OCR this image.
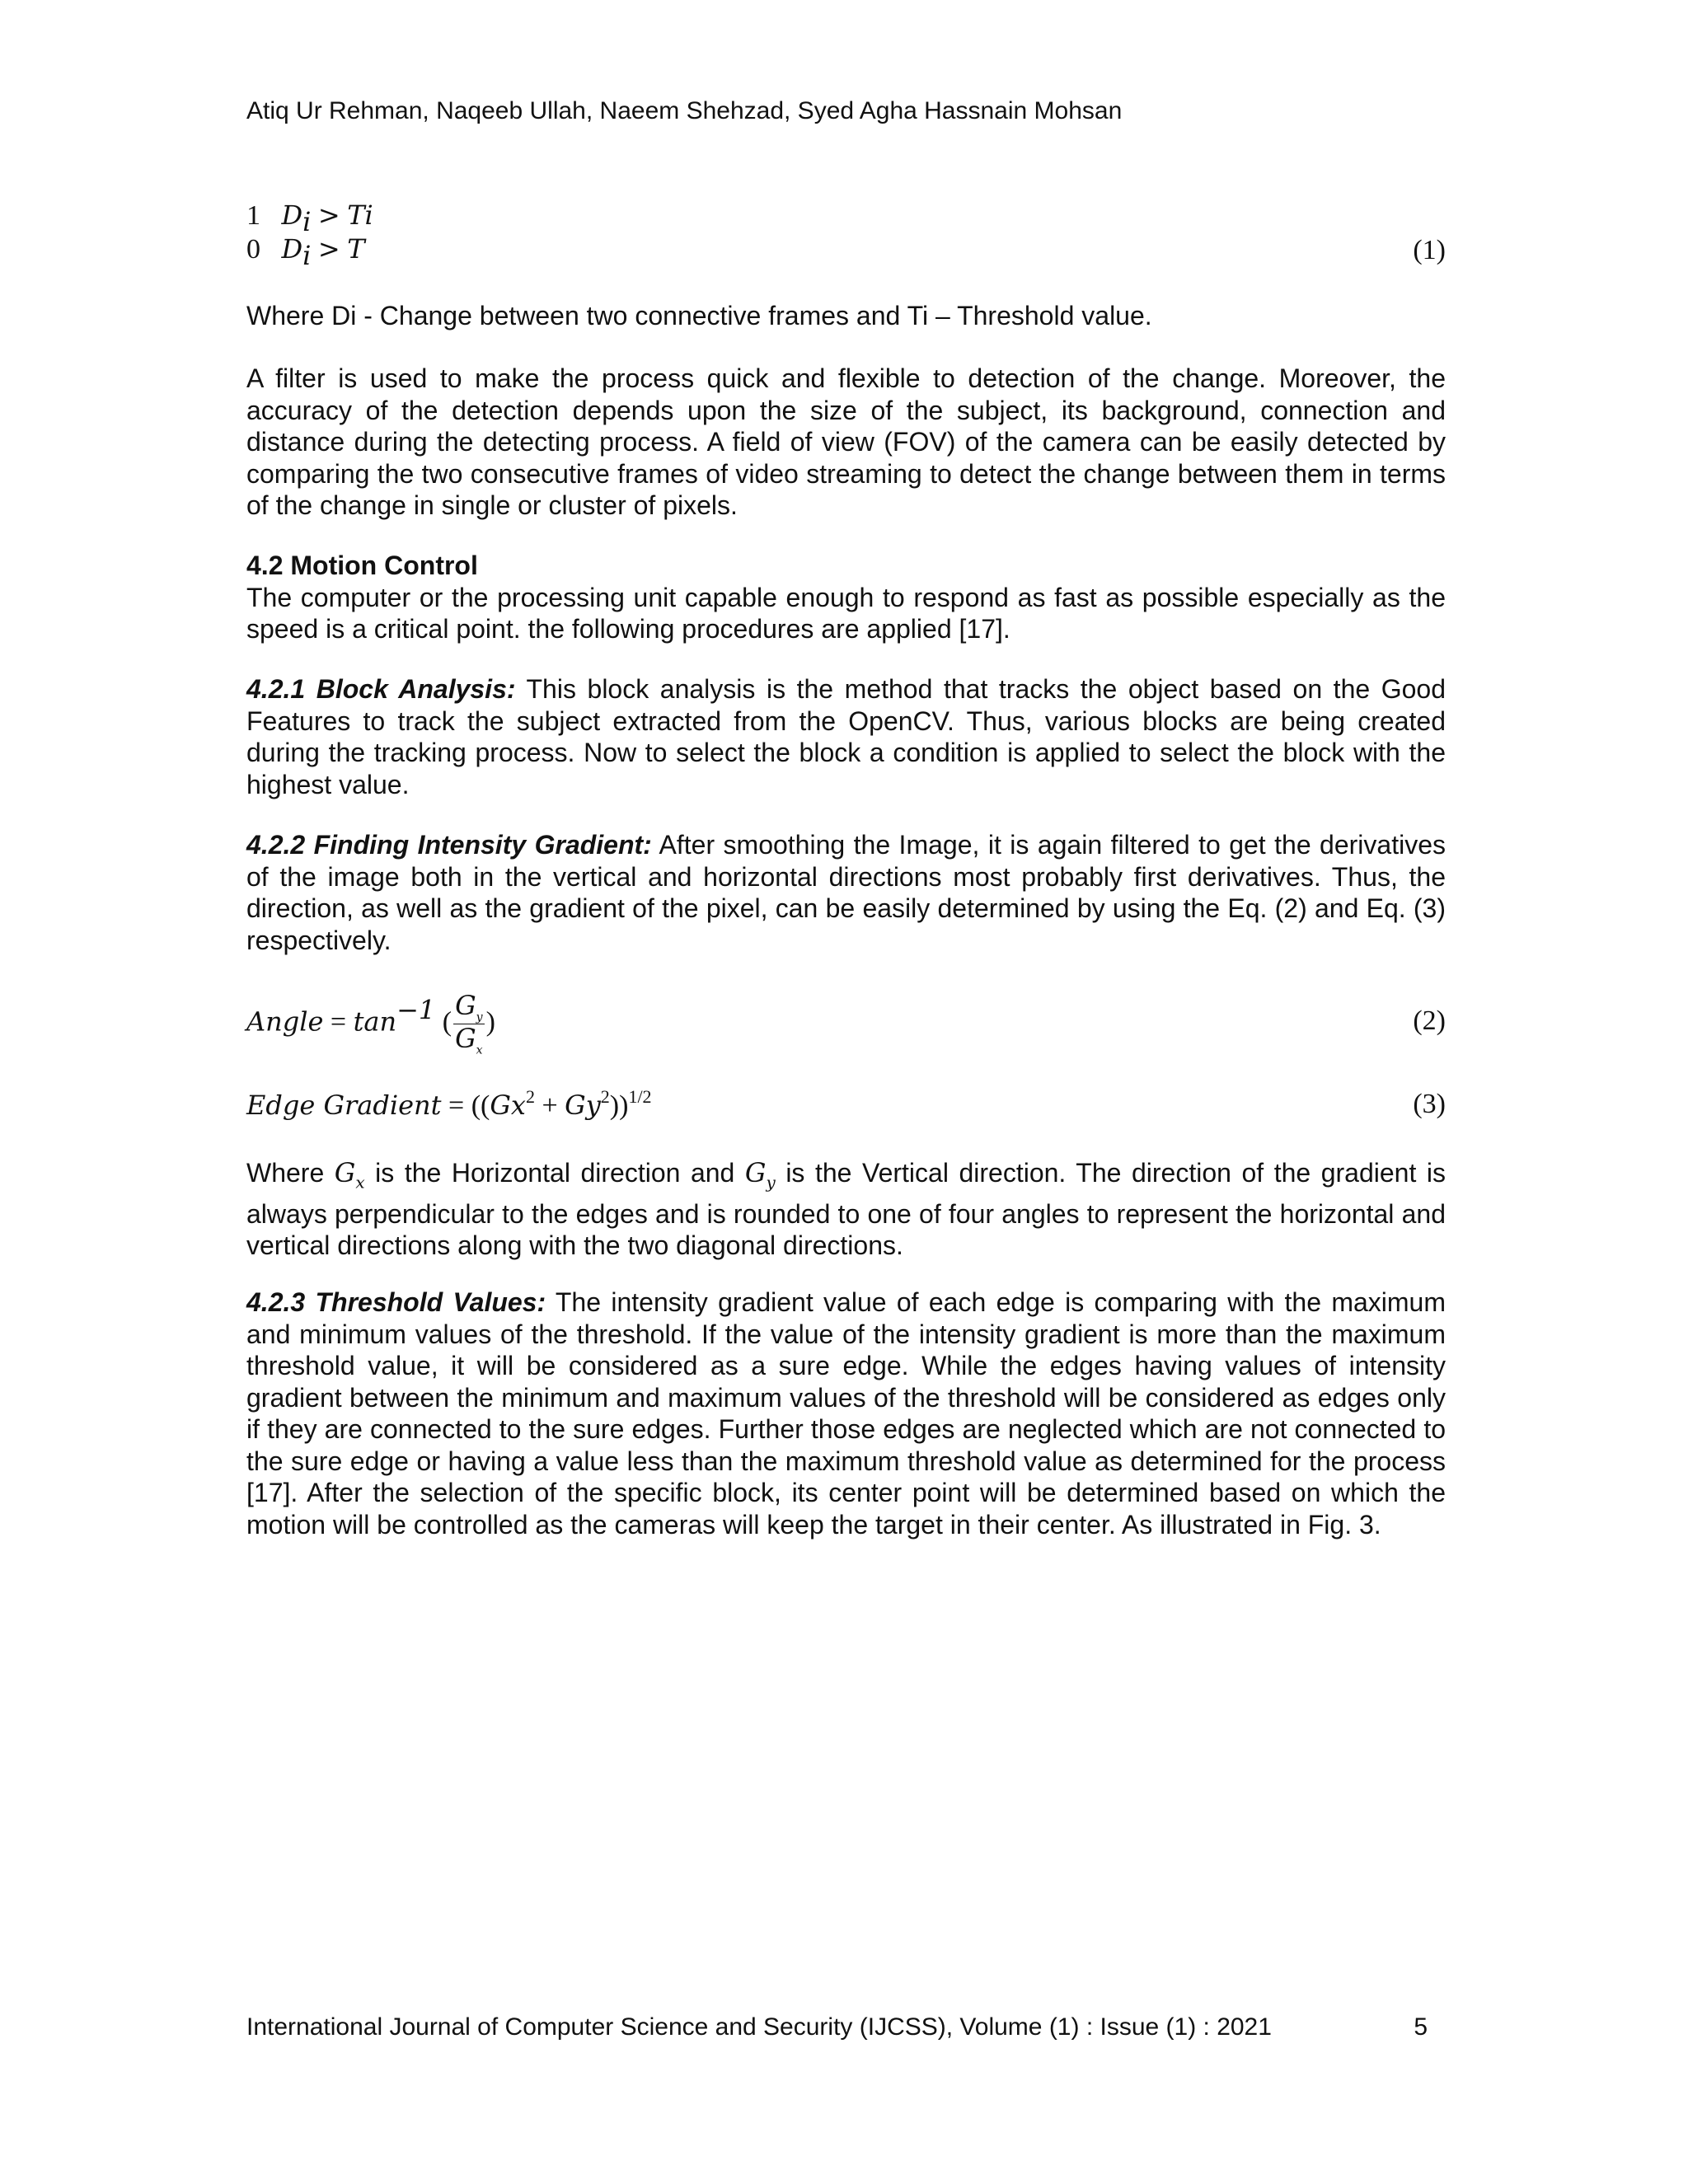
Atiq Ur Rehman, Naqeeb Ullah, Naeem Shehzad, Syed Agha Hassnain Mohsan
1 $D_i > Ti$
0 $D_i > T$	(1)

Where Di - Change between two connective frames and Ti – Threshold value.

A filter is used to make the process quick and flexible to detection of the change. Moreover, the accuracy of the detection depends upon the size of the subject, its background, connection and distance during the detecting process. A field of view (FOV) of the camera can be easily detected by comparing the two consecutive frames of video streaming to detect the change between them in terms of the change in single or cluster of pixels.

4.2 Motion Control
The computer or the processing unit capable enough to respond as fast as possible especially as the speed is a critical point. the following procedures are applied [17].

4.2.1 Block Analysis: This block analysis is the method that tracks the object based on the Good Features to track the subject extracted from the OpenCV. Thus, various blocks are being created during the tracking process. Now to select the block a condition is applied to select the block with the highest value.

4.2.2 Finding Intensity Gradient: After smoothing the Image, it is again filtered to get the derivatives of the image both in the vertical and horizontal directions most probably first derivatives. Thus, the direction, as well as the gradient of the pixel, can be easily determined by using the Eq. (2) and Eq. (3) respectively.

Angle = $\tan^{-1}$ ( $\frac{G_y}{G_x}$ )	(2)
Edge Gradient = $((Gx^2 + Gy^2))^{1/2}$	(3)

Where $G_x$ is the Horizontal direction and $G_y$ is the Vertical direction. The direction of the gradient is always perpendicular to the edges and is rounded to one of four angles to represent the horizontal and vertical directions along with the two diagonal directions.

4.2.3 Threshold Values: The intensity gradient value of each edge is comparing with the maximum and minimum values of the threshold. If the value of the intensity gradient is more than the maximum threshold value, it will be considered as a sure edge. While the edges having values of intensity gradient between the minimum and maximum values of the threshold will be considered as edges only if they are connected to the sure edges. Further those edges are neglected which are not connected to the sure edge or having a value less than the maximum threshold value as determined for the process [17]. After the selection of the specific block, its center point will be determined based on which the motion will be controlled as the cameras will keep the target in their center. As illustrated in Fig. 3.

International Journal of Computer Science and Security (IJCSS), Volume (1) : Issue (1) : 2021	5
